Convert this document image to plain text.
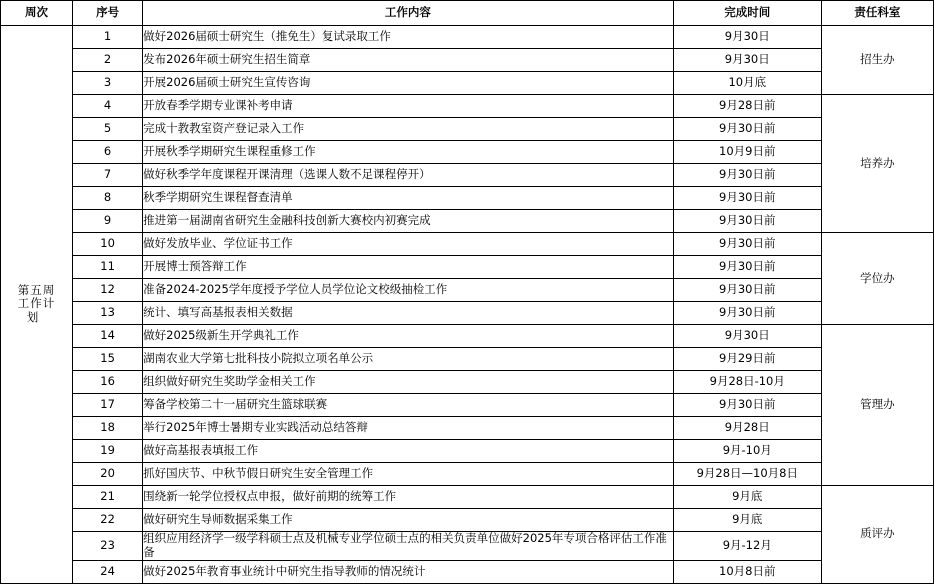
周次	序号	工作内容	完成时间	责任科室

第五周
工作计
划	1	做好2026届硕士研究生（推免生）复试录取工作	9月30日	招生办
	2	发布2026年硕士研究生招生简章	9月30日	
	3	开展2026届硕士研究生宣传咨询	10月底	
	4	开放春季学期专业课补考申请	9月28日前	培养办
	5	完成十教教室资产登记录入工作	9月30日前	
	6	开展秋季学期研究生课程重修工作	10月9日前	
	7	做好秋季学年度课程开课清理（选课人数不足课程停开）	9月30日前	
	8	秋季学期研究生课程督查清单	9月30日前	
	9	推进第一届湖南省研究生金融科技创新大赛校内初赛完成	9月30日前	
	10	做好发放毕业、学位证书工作	9月30日前	学位办
	11	开展博士预答辩工作	9月30日前	
	12	准备2024-2025学年度授予学位人员学位论文校级抽检工作	9月30日前	
	13	统计、填写高基报表相关数据	9月30日前	
	14	做好2025级新生开学典礼工作	9月30日	管理办
	15	湖南农业大学第七批科技小院拟立项名单公示	9月29日前	
	16	组织做好研究生奖助学金相关工作	9月28日-10月	
	17	筹备学校第二十一届研究生篮球联赛	9月30日前	
	18	举行2025年博士暑期专业实践活动总结答辩	9月28日	
	19	做好高基报表填报工作	9月-10月	
	20	抓好国庆节、中秋节假日研究生安全管理工作	9月28日—10月8日	
	21	围绕新一轮学位授权点申报，做好前期的统筹工作	9月底	质评办
	22	做好研究生导师数据采集工作	9月底	
	23	组织应用经济学一级学科硕士点及机械专业学位硕士点的相关负责单位做好2025年专项合格评估工作准备	9月-12月	
	24	做好2025年教育事业统计中研究生指导教师的情况统计	10月8日前	
